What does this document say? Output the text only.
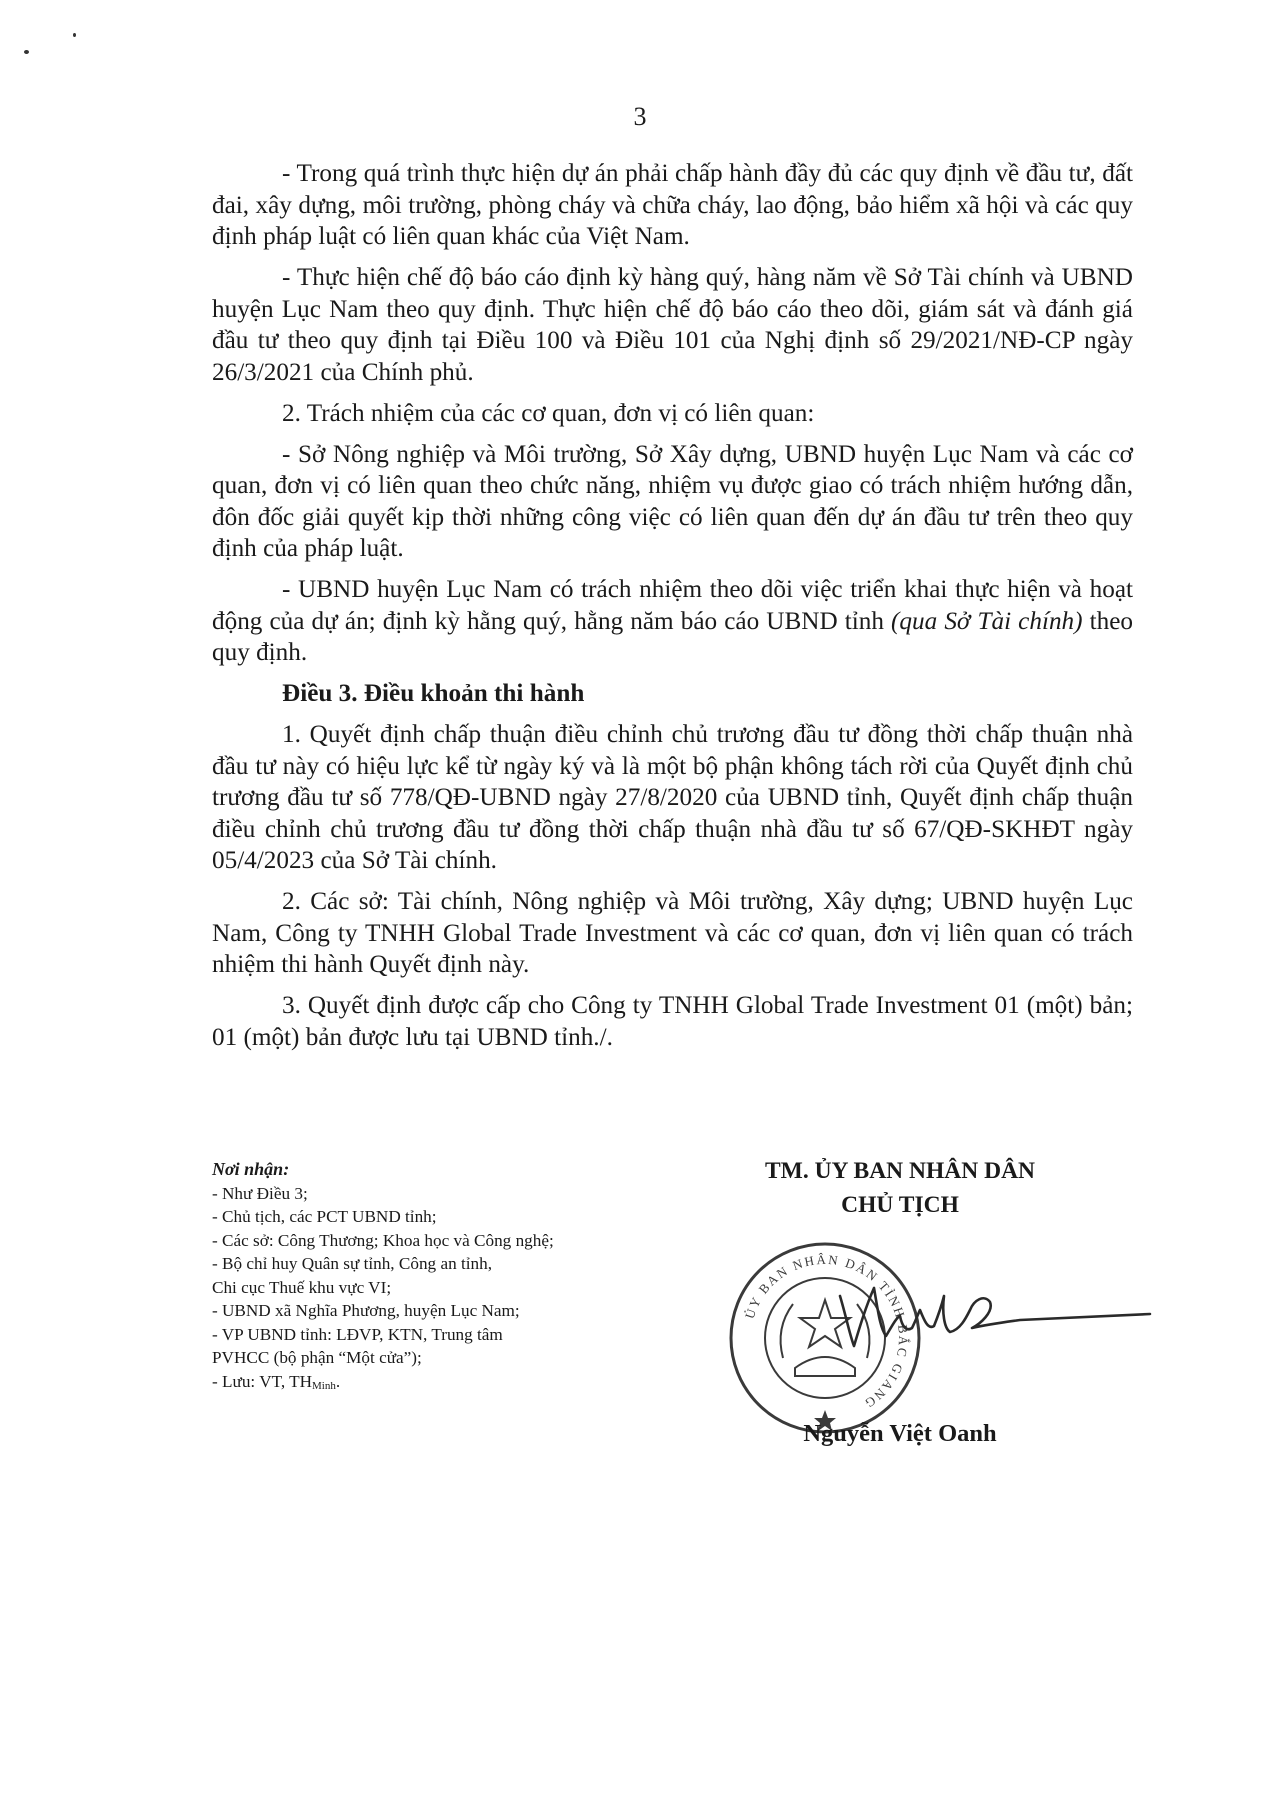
3

- Trong quá trình thực hiện dự án phải chấp hành đầy đủ các quy định về đầu tư, đất đai, xây dựng, môi trường, phòng cháy và chữa cháy, lao động, bảo hiểm xã hội và các quy định pháp luật có liên quan khác của Việt Nam.

- Thực hiện chế độ báo cáo định kỳ hàng quý, hàng năm về Sở Tài chính và UBND huyện Lục Nam theo quy định. Thực hiện chế độ báo cáo theo dõi, giám sát và đánh giá đầu tư theo quy định tại Điều 100 và Điều 101 của Nghị định số 29/2021/NĐ-CP ngày 26/3/2021 của Chính phủ.

2. Trách nhiệm của các cơ quan, đơn vị có liên quan:

- Sở Nông nghiệp và Môi trường, Sở Xây dựng, UBND huyện Lục Nam và các cơ quan, đơn vị có liên quan theo chức năng, nhiệm vụ được giao có trách nhiệm hướng dẫn, đôn đốc giải quyết kịp thời những công việc có liên quan đến dự án đầu tư trên theo quy định của pháp luật.

- UBND huyện Lục Nam có trách nhiệm theo dõi việc triển khai thực hiện và hoạt động của dự án; định kỳ hằng quý, hằng năm báo cáo UBND tỉnh (qua Sở Tài chính) theo quy định.

Điều 3. Điều khoản thi hành

1. Quyết định chấp thuận điều chỉnh chủ trương đầu tư đồng thời chấp thuận nhà đầu tư này có hiệu lực kể từ ngày ký và là một bộ phận không tách rời của Quyết định chủ trương đầu tư số 778/QĐ-UBND ngày 27/8/2020 của UBND tỉnh, Quyết định chấp thuận điều chỉnh chủ trương đầu tư đồng thời chấp thuận nhà đầu tư số 67/QĐ-SKHĐT ngày 05/4/2023 của Sở Tài chính.

2. Các sở: Tài chính, Nông nghiệp và Môi trường, Xây dựng; UBND huyện Lục Nam, Công ty TNHH Global Trade Investment và các cơ quan, đơn vị liên quan có trách nhiệm thi hành Quyết định này.

3. Quyết định được cấp cho Công ty TNHH Global Trade Investment 01 (một) bản; 01 (một) bản được lưu tại UBND tỉnh./.

Nơi nhận:
- Như Điều 3;
- Chủ tịch, các PCT UBND tỉnh;
- Các sở: Công Thương; Khoa học và Công nghệ;
- Bộ chỉ huy Quân sự tỉnh, Công an tỉnh,
Chi cục Thuế khu vực VI;
- UBND xã Nghĩa Phương, huyện Lục Nam;
- VP UBND tỉnh: LĐVP, KTN, Trung tâm
PVHCC (bộ phận “Một cửa”);
- Lưu: VT, $TH_{Minh}$.
TM. ỦY BAN NHÂN DÂN
CHỦ TỊCH
ỦY BAN NHÂN DÂN TỈNH BẮC GIANG
Nguyễn Việt Oanh
